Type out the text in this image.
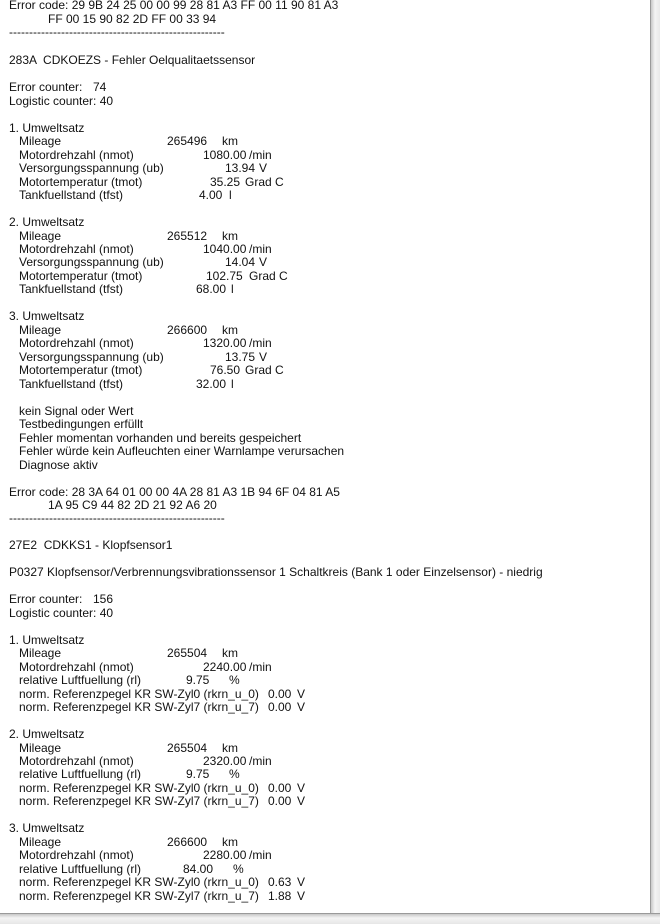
Error code: 29 9B 24 25 00 00 99 28 81 A3 FF 00 11 90 81 A3
FF 00 15 90 82 2D FF 00 33 94
------------------------------------------------------
283A  CDKOEZS - Fehler Oelqualitaetssensor
Error counter: 74
Logistic counter: 40
1. Umweltsatz
Mileage	265496 km
Motordrehzahl (nmot)	1080.00 /min
Versorgungsspannung (ub)	13.94 V
Motortemperatur (tmot)	35.25 Grad C
Tankfuellstand (tfst)	4.00 l
2. Umweltsatz
Mileage	265512 km
Motordrehzahl (nmot)	1040.00 /min
Versorgungsspannung (ub)	14.04 V
Motortemperatur (tmot)	102.75 Grad C
Tankfuellstand (tfst)	68.00 l
3. Umweltsatz
Mileage	266600 km
Motordrehzahl (nmot)	1320.00 /min
Versorgungsspannung (ub)	13.75 V
Motortemperatur (tmot)	76.50 Grad C
Tankfuellstand (tfst)	32.00 l
kein Signal oder Wert
Testbedingungen erfüllt
Fehler momentan vorhanden und bereits gespeichert
Fehler würde kein Aufleuchten einer Warnlampe verursachen
Diagnose aktiv
Error code: 28 3A 64 01 00 00 4A 28 81 A3 1B 94 6F 04 81 A5
1A 95 C9 44 82 2D 21 92 A6 20
------------------------------------------------------
27E2  CDKKS1 - Klopfsensor1
P0327 Klopfsensor/Verbrennungsvibrationssensor 1 Schaltkreis (Bank 1 oder Einzelsensor) - niedrig
Error counter: 156
Logistic counter: 40
1. Umweltsatz
Mileage	265504 km
Motordrehzahl (nmot)	2240.00 /min
relative Luftfuellung (rl)	9.75 %
norm. Referenzpegel KR SW-Zyl0 (rkrn_u_0) 0.00 V
norm. Referenzpegel KR SW-Zyl7 (rkrn_u_7) 0.00 V
2. Umweltsatz
Mileage	265504 km
Motordrehzahl (nmot)	2320.00 /min
relative Luftfuellung (rl)	9.75 %
norm. Referenzpegel KR SW-Zyl0 (rkrn_u_0) 0.00 V
norm. Referenzpegel KR SW-Zyl7 (rkrn_u_7) 0.00 V
3. Umweltsatz
Mileage	266600 km
Motordrehzahl (nmot)	2280.00 /min
relative Luftfuellung (rl)	84.00 %
norm. Referenzpegel KR SW-Zyl0 (rkrn_u_0) 0.63 V
norm. Referenzpegel KR SW-Zyl7 (rkrn_u_7) 1.88 V
